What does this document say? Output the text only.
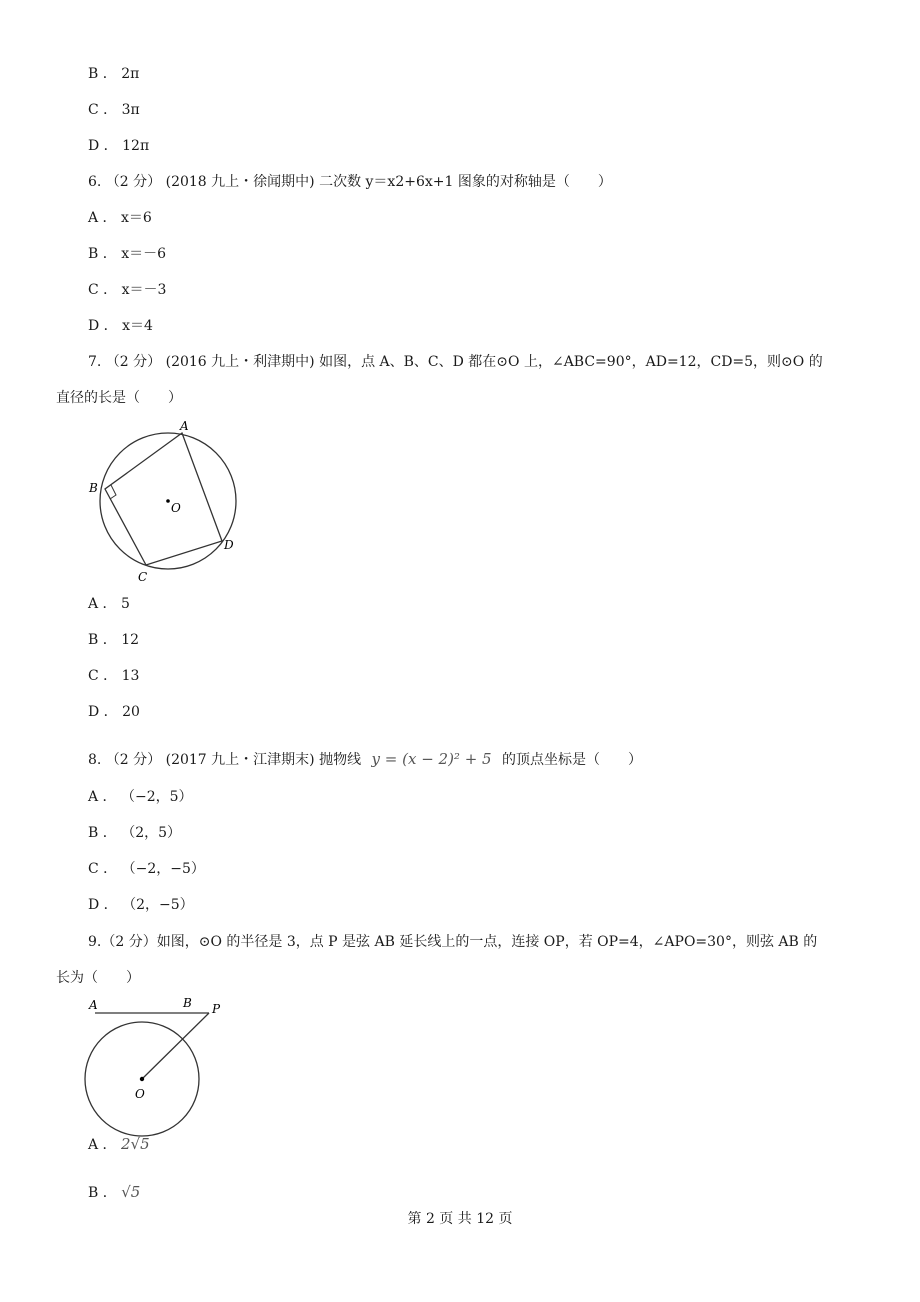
B ． 2π
C ． 3π
D ． 12π
6. （2 分） (2018 九上・徐闻期中) 二次数 y＝x2+6x+1 图象的对称轴是（　　）
A ． x＝6
B ． x＝－6
C ． x＝－3
D ． x＝4
7. （2 分） (2016 九上・利津期中) 如图，点 A、B、C、D 都在⊙O 上，∠ABC=90°，AD=12，CD=5，则⊙O 的
直径的长是（　　）
A
B
C
D
O
A ． 5
B ． 12
C ． 13
D ． 20
8. （2 分） (2017 九上・江津期末) 抛物线 y = (x − 2)² + 5 的顶点坐标是（　　）
A ． （−2，5）
B ． （2，5）
C ． （−2，−5）
D ． （2，−5）
9.（2 分）如图，⊙O 的半径是 3，点 P 是弦 AB 延长线上的一点，连接 OP，若 OP=4，∠APO=30°，则弦 AB 的
长为（　　）
A	B P
O
A ． 2√5
B ． √5
第 2 页 共 12 页
